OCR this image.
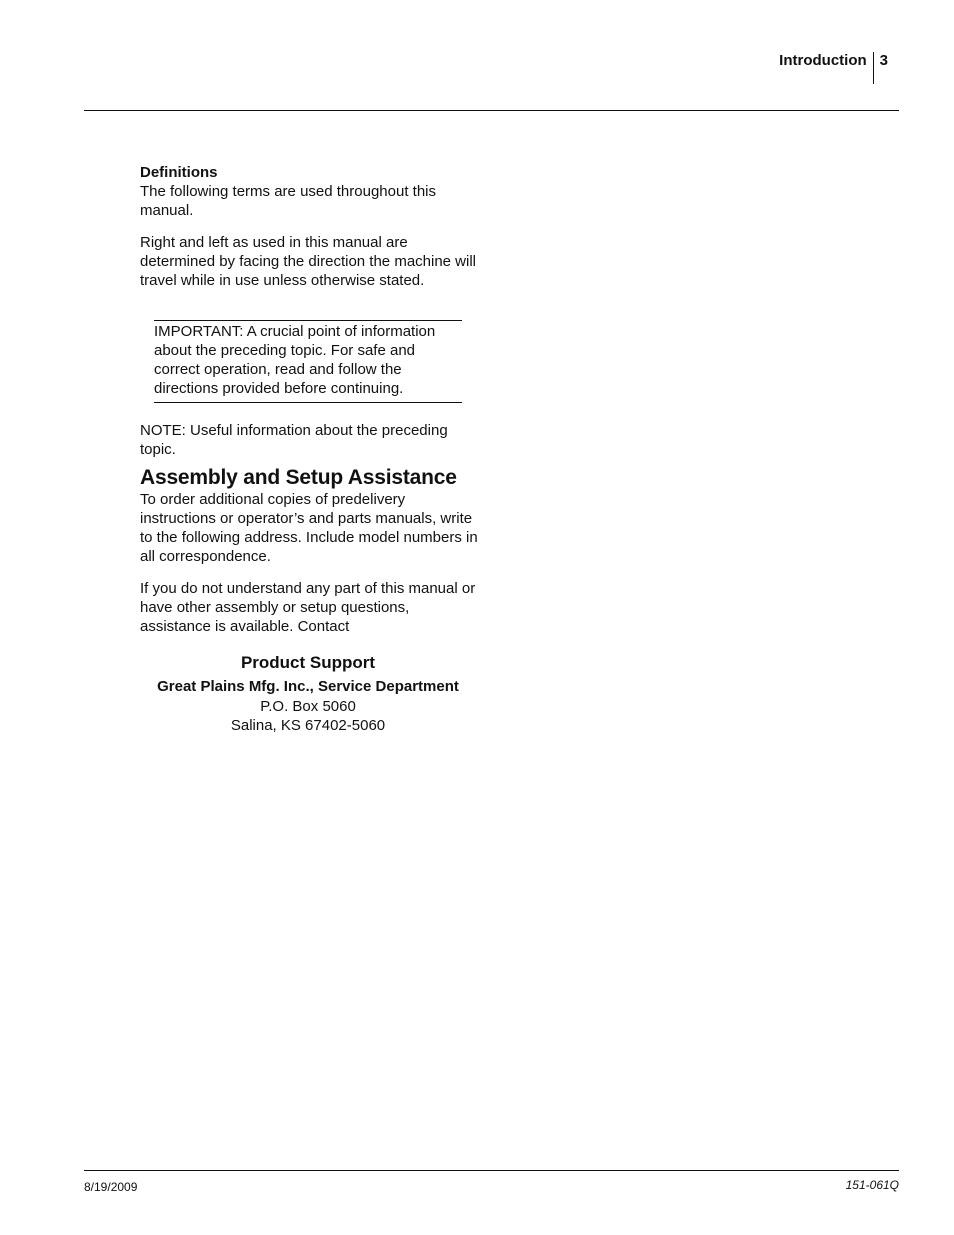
Introduction 3

Definitions

The following terms are used throughout this manual.

Right and left as used in this manual are determined by facing the direction the machine will travel while in use unless otherwise stated.

IMPORTANT: A crucial point of information about the preceding topic. For safe and correct operation, read and follow the directions provided before continuing.

NOTE: Useful information about the preceding topic.

Assembly and Setup Assistance

To order additional copies of predelivery instructions or operator’s and parts manuals, write to the following address. Include model numbers in all correspondence.

If you do not understand any part of this manual or have other assembly or setup questions, assistance is available. Contact

Product Support

Great Plains Mfg. Inc., Service Department

P.O. Box 5060

Salina, KS 67402-5060

8/19/2009	151-061Q
